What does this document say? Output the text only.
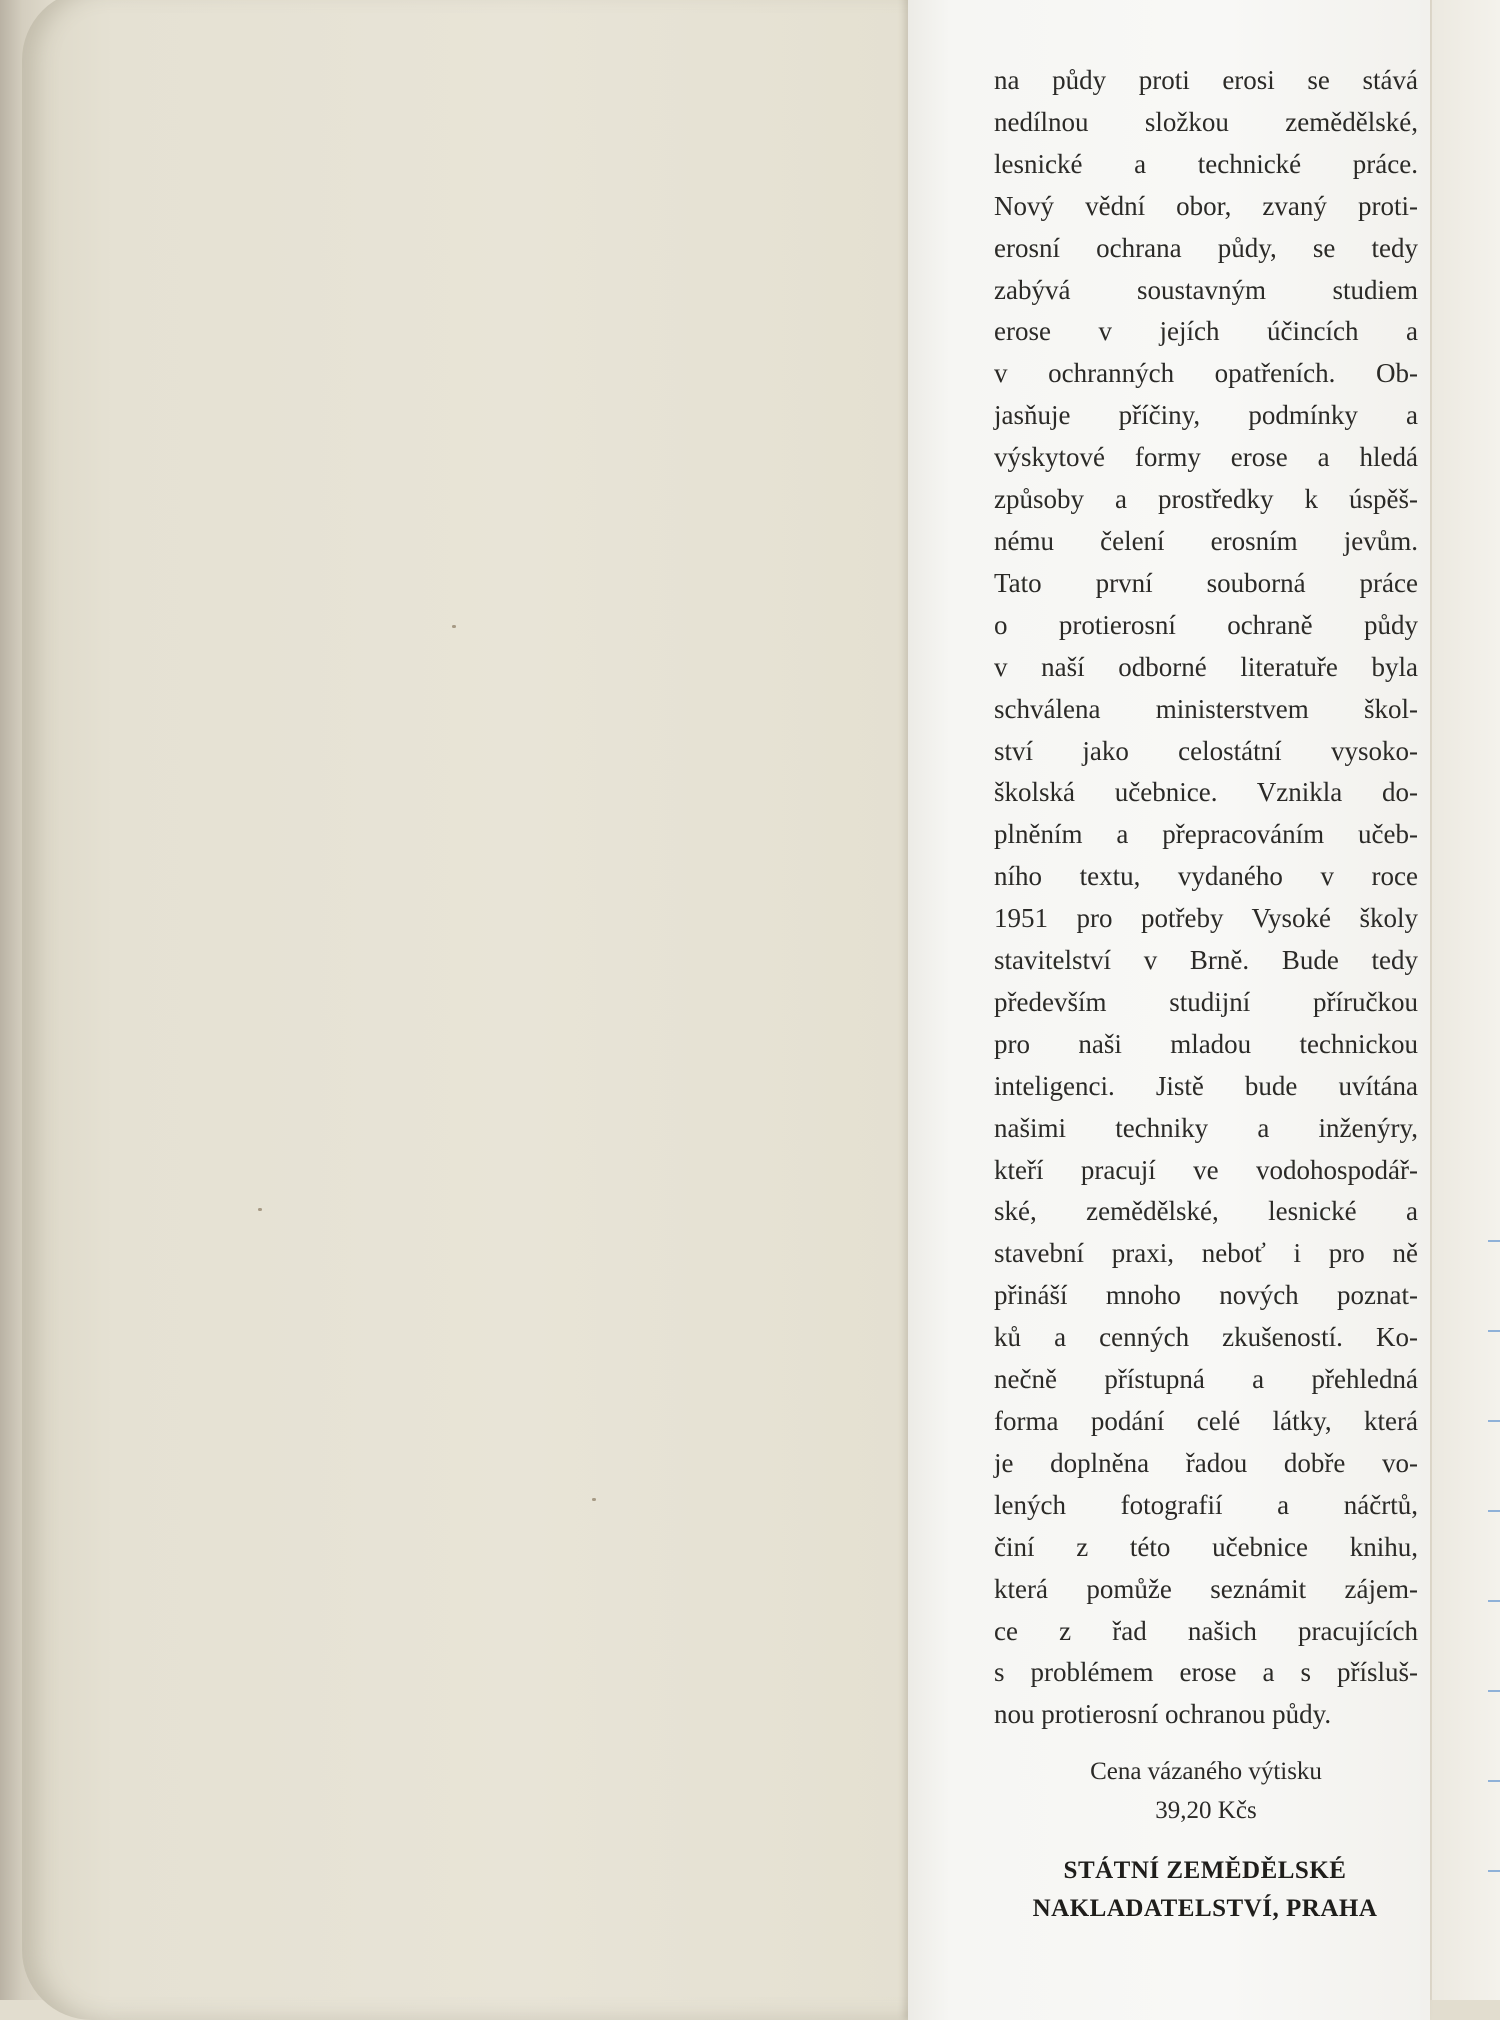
na půdy proti erosi se stává
nedílnou složkou zemědělské,
lesnické a technické práce.
Nový vědní obor, zvaný proti-
erosní ochrana půdy, se tedy
zabývá soustavným studiem
erose v jejích účincích a
v ochranných opatřeních. Ob-
jasňuje příčiny, podmínky a
výskytové formy erose a hledá
způsoby a prostředky k úspěš-
nému čelení erosním jevům.
Tato první souborná práce
o protierosní ochraně půdy
v naší odborné literatuře byla
schválena ministerstvem škol-
ství jako celostátní vysoko-
školská učebnice. Vznikla do-
plněním a přepracováním učeb-
ního textu, vydaného v roce
1951 pro potřeby Vysoké školy
stavitelství v Brně. Bude tedy
především studijní příručkou
pro naši mladou technickou
inteligenci. Jistě bude uvítána
našimi techniky a inženýry,
kteří pracují ve vodohospodář-
ské, zemědělské, lesnické a
stavební praxi, neboť i pro ně
přináší mnoho nových poznat-
ků a cenných zkušeností. Ko-
nečně přístupná a přehledná
forma podání celé látky, která
je doplněna řadou dobře vo-
lených fotografií a náčrtů,
činí z této učebnice knihu,
která pomůže seznámit zájem-
ce z řad našich pracujících
s problémem erose a s přísluš-
nou protierosní ochranou půdy.
Cena vázaného výtisku
39,20 Kčs
STÁTNÍ ZEMĚDĚLSKÉ
NAKLADATELSTVÍ, PRAHA
